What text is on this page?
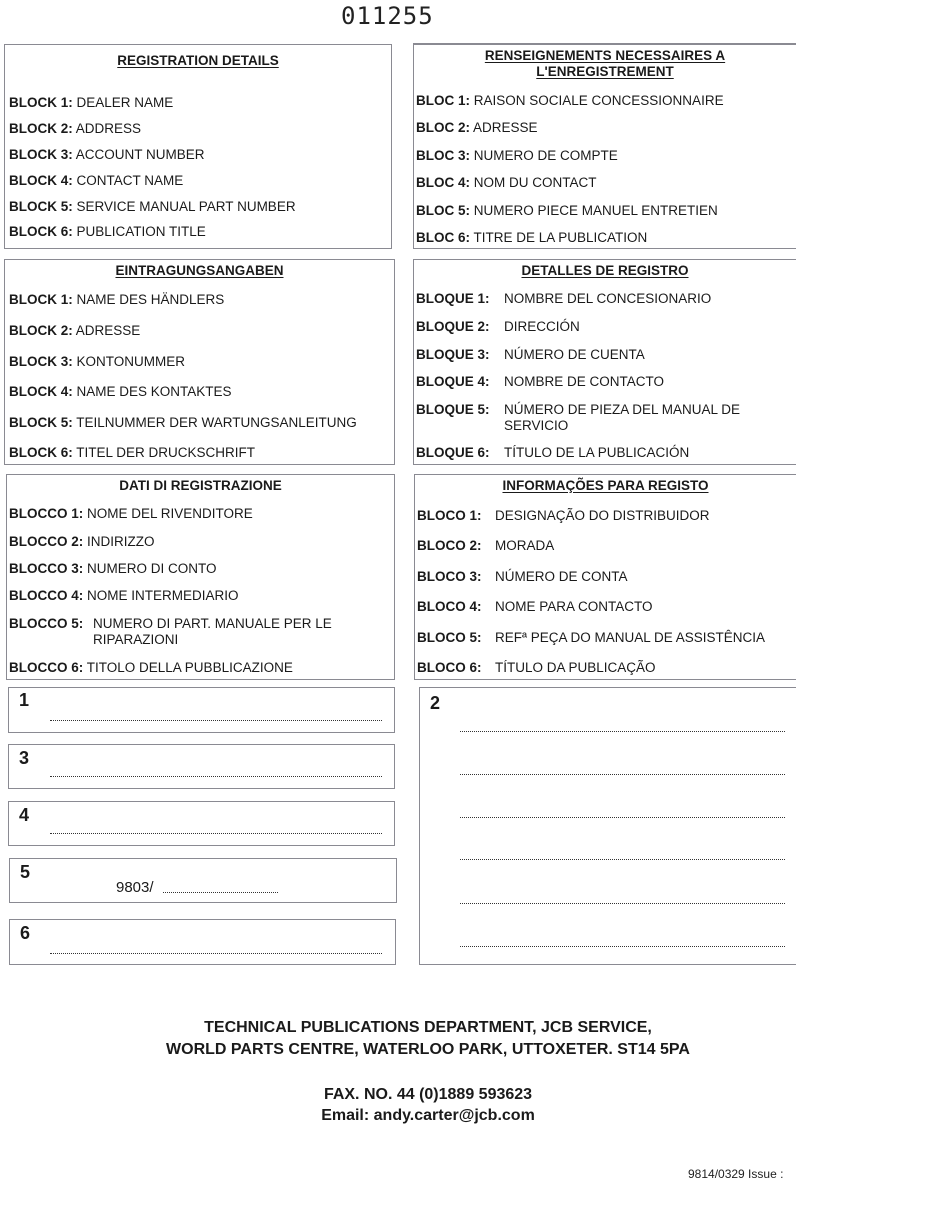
011255
REGISTRATION DETAILS
BLOCK 1: DEALER NAME
BLOCK 2: ADDRESS
BLOCK 3: ACCOUNT NUMBER
BLOCK 4: CONTACT NAME
BLOCK 5: SERVICE MANUAL PART NUMBER
BLOCK 6: PUBLICATION TITLE
RENSEIGNEMENTS NECESSAIRES A
L'ENREGISTREMENT
BLOC 1: RAISON SOCIALE CONCESSIONNAIRE
BLOC 2: ADRESSE
BLOC 3: NUMERO DE COMPTE
BLOC 4: NOM DU CONTACT
BLOC 5: NUMERO PIECE MANUEL ENTRETIEN
BLOC 6: TITRE DE LA PUBLICATION
EINTRAGUNGSANGABEN
BLOCK 1: NAME DES HÄNDLERS
BLOCK 2: ADRESSE
BLOCK 3: KONTONUMMER
BLOCK 4: NAME DES KONTAKTES
BLOCK 5: TEILNUMMER DER WARTUNGSANLEITUNG
BLOCK 6: TITEL DER DRUCKSCHRIFT
DETALLES DE REGISTRO
BLOQUE 1: NOMBRE DEL CONCESIONARIO
BLOQUE 2: DIRECCIÓN
BLOQUE 3: NÚMERO DE CUENTA
BLOQUE 4: NOMBRE DE CONTACTO
BLOQUE 5: NÚMERO DE PIEZA DEL MANUAL DE SERVICIO
BLOQUE 6: TÍTULO DE LA PUBLICACIÓN
DATI DI REGISTRAZIONE
BLOCCO 1: NOME DEL RIVENDITORE
BLOCCO 2: INDIRIZZO
BLOCCO 3: NUMERO DI CONTO
BLOCCO 4: NOME INTERMEDIARIO
BLOCCO 5: NUMERO DI PART. MANUALE PER LE RIPARAZIONI
BLOCCO 6: TITOLO DELLA PUBBLICAZIONE
INFORMAÇÕES PARA REGISTO
BLOCO 1: DESIGNAÇÃO DO DISTRIBUIDOR
BLOCO 2: MORADA
BLOCO 3: NÚMERO DE CONTA
BLOCO 4: NOME PARA CONTACTO
BLOCO 5: REFª PEÇA DO MANUAL DE ASSISTÊNCIA
BLOCO 6: TÍTULO DA PUBLICAÇÃO
1
3
4
5
9803/
6
2
TECHNICAL PUBLICATIONS DEPARTMENT, JCB SERVICE,
WORLD PARTS CENTRE, WATERLOO PARK, UTTOXETER. ST14 5PA
FAX. NO. 44 (0)1889 593623
Email: andy.carter@jcb.com
9814/0329 Issue :
